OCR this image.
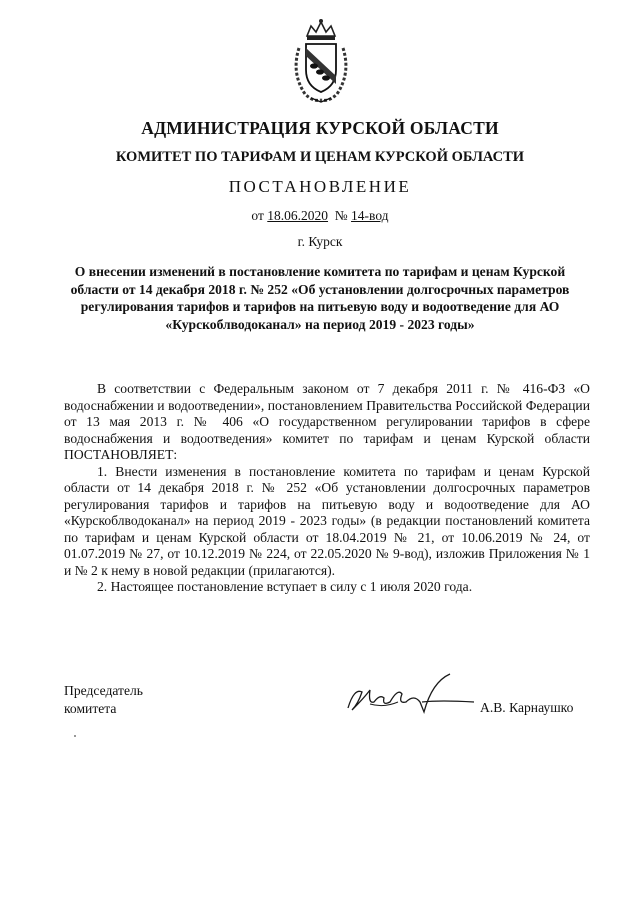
АДМИНИСТРАЦИЯ КУРСКОЙ ОБЛАСТИ
КОМИТЕТ ПО ТАРИФАМ И ЦЕНАМ КУРСКОЙ ОБЛАСТИ
ПОСТАНОВЛЕНИЕ
от 18.06.2020 № 14-вод
г. Курск
О внесении изменений в постановление комитета по тарифам и ценам Курской области от 14 декабря 2018 г. № 252 «Об установлении долгосрочных параметров регулирования тарифов и тарифов на питьевую воду и водоотведение для АО «Курскоблводоканал» на период 2019 - 2023 годы»

В соответствии с Федеральным законом от 7 декабря 2011 г. № 416-ФЗ «О водоснабжении и водоотведении», постановлением Правительства Российской Федерации от 13 мая 2013 г. № 406 «О государственном регулировании тарифов в сфере водоснабжения и водоотведения» комитет по тарифам и ценам Курской области ПОСТАНОВЛЯЕТ:

1. Внести изменения в постановление комитета по тарифам и ценам Курской области от 14 декабря 2018 г. № 252 «Об установлении долгосрочных параметров регулирования тарифов и тарифов на питьевую воду и водоотведение для АО «Курскоблводоканал» на период 2019 - 2023 годы» (в редакции постановлений комитета по тарифам и ценам Курской области от 18.04.2019 № 21, от 10.06.2019 № 24, от 01.07.2019 № 27, от 10.12.2019 № 224, от 22.05.2020 № 9-вод), изложив Приложения № 1 и № 2 к нему в новой редакции (прилагаются).

2. Настоящее постановление вступает в силу с 1 июля 2020 года.

Председатель
комитета	А.В. Карнаушко
